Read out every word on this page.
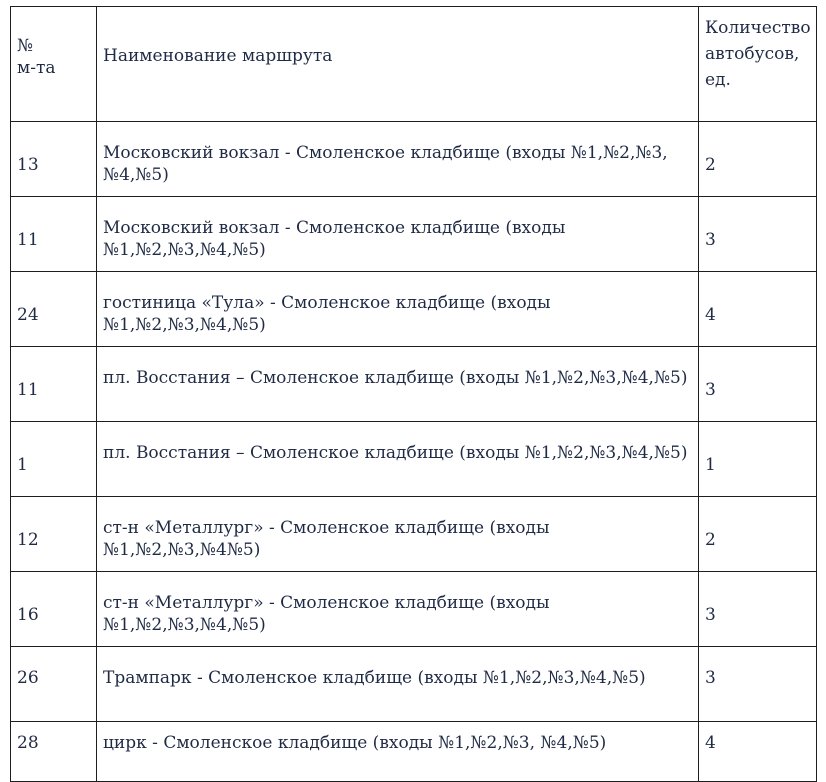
№
м-та	Наименование маршрута	Количество автобусов, ед.
13	Московский вокзал - Смоленское кладбище (входы №1,№2,№3, №4,№5)	2
11	Московский вокзал - Смоленское кладбище (входы №1,№2,№3,№4,№5)	3
24	гостиница «Тула» - Смоленское кладбище (входы №1,№2,№3,№4,№5)	4
11	пл. Восстания – Смоленское кладбище (входы №1,№2,№3,№4,№5)	3
1	пл. Восстания – Смоленское кладбище (входы №1,№2,№3,№4,№5)	1
12	ст-н «Металлург» - Смоленское кладбище (входы №1,№2,№3,№4№5)	2
16	ст-н «Металлург» - Смоленское кладбище (входы №1,№2,№3,№4,№5)	3
26	Трампарк - Смоленское кладбище (входы №1,№2,№3,№4,№5)	3
28	цирк - Смоленское кладбище (входы №1,№2,№3, №4,№5)	4
